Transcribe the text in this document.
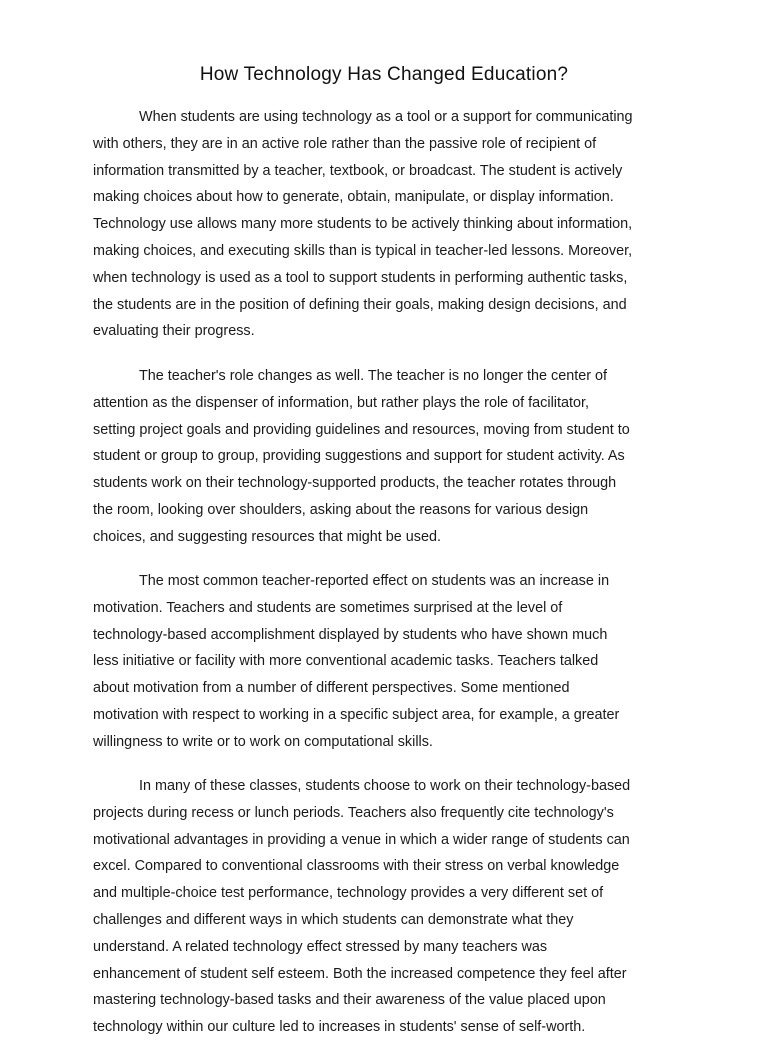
How Technology Has Changed Education?
When students are using technology as a tool or a support for communicating
with others, they are in an active role rather than the passive role of recipient of
information transmitted by a teacher, textbook, or broadcast. The student is actively
making choices about how to generate, obtain, manipulate, or display information.
Technology use allows many more students to be actively thinking about information,
making choices, and executing skills than is typical in teacher-led lessons. Moreover,
when technology is used as a tool to support students in performing authentic tasks,
the students are in the position of defining their goals, making design decisions, and
evaluating their progress.
The teacher's role changes as well. The teacher is no longer the center of
attention as the dispenser of information, but rather plays the role of facilitator,
setting project goals and providing guidelines and resources, moving from student to
student or group to group, providing suggestions and support for student activity. As
students work on their technology-supported products, the teacher rotates through
the room, looking over shoulders, asking about the reasons for various design
choices, and suggesting resources that might be used.
The most common teacher-reported effect on students was an increase in
motivation. Teachers and students are sometimes surprised at the level of
technology-based accomplishment displayed by students who have shown much
less initiative or facility with more conventional academic tasks. Teachers talked
about motivation from a number of different perspectives. Some mentioned
motivation with respect to working in a specific subject area, for example, a greater
willingness to write or to work on computational skills.
In many of these classes, students choose to work on their technology-based
projects during recess or lunch periods. Teachers also frequently cite technology's
motivational advantages in providing a venue in which a wider range of students can
excel. Compared to conventional classrooms with their stress on verbal knowledge
and multiple-choice test performance, technology provides a very different set of
challenges and different ways in which students can demonstrate what they
understand. A related technology effect stressed by many teachers was
enhancement of student self esteem. Both the increased competence they feel after
mastering technology-based tasks and their awareness of the value placed upon
technology within our culture led to increases in students' sense of self-worth.
